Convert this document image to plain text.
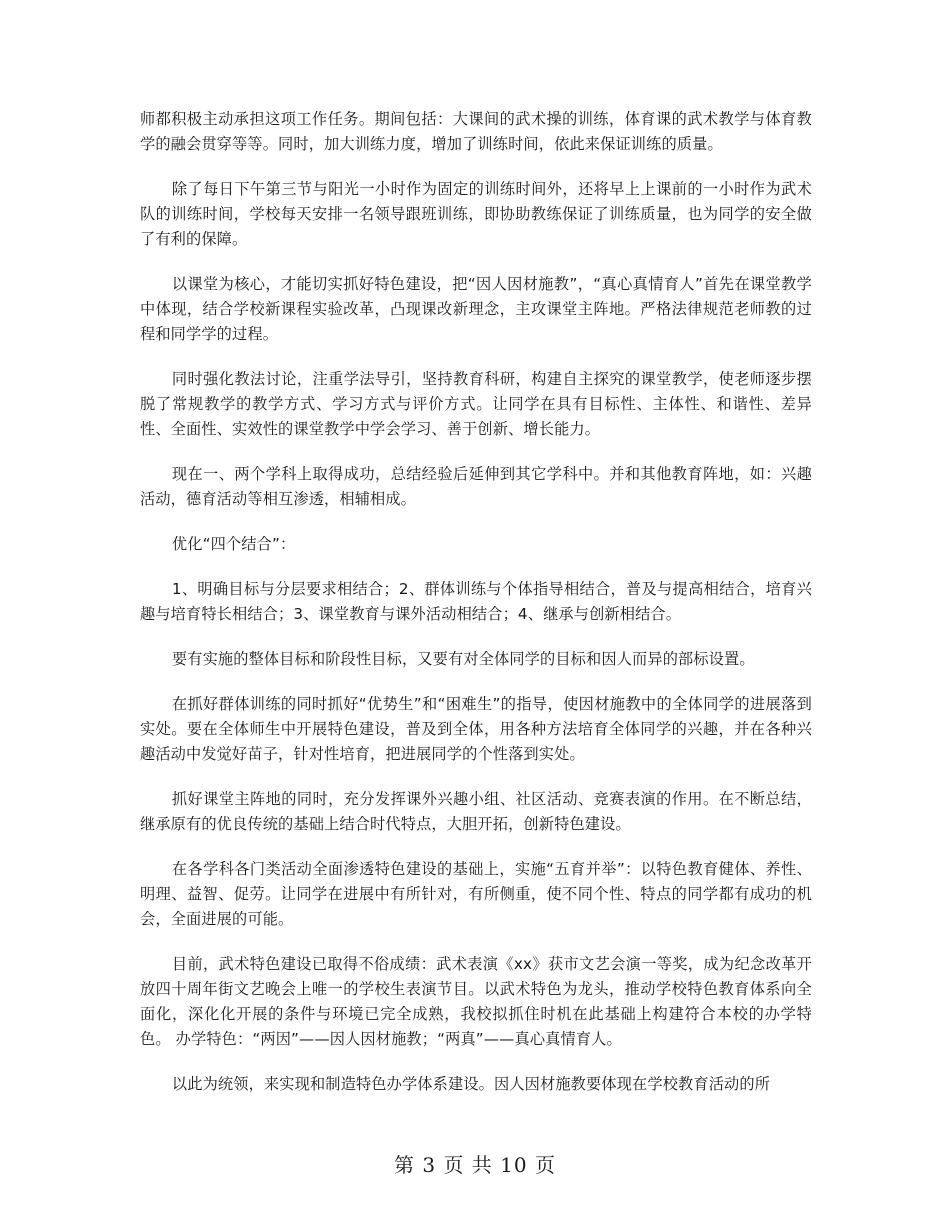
师都积极主动承担这项工作任务。期间包括：大课间的武术操的训练，体育课的武术教学与体育教学的融会贯穿等等。同时，加大训练力度，增加了训练时间，依此来保证训练的质量。

除了每日下午第三节与阳光一小时作为固定的训练时间外，还将早上上课前的一小时作为武术队的训练时间，学校每天安排一名领导跟班训练，即协助教练保证了训练质量，也为同学的安全做了有利的保障。

以课堂为核心，才能切实抓好特色建设，把“因人因材施教”，“真心真情育人”首先在课堂教学中体现，结合学校新课程实验改革，凸现课改新理念，主攻课堂主阵地。严格法律规范老师教的过程和同学学的过程。

同时强化教法讨论，注重学法导引，坚持教育科研，构建自主探究的课堂教学，使老师逐步摆脱了常规教学的教学方式、学习方式与评价方式。让同学在具有目标性、主体性、和谐性、差异性、全面性、实效性的课堂教学中学会学习、善于创新、增长能力。

现在一、两个学科上取得成功，总结经验后延伸到其它学科中。并和其他教育阵地，如：兴趣活动，德育活动等相互渗透，相辅相成。

优化“四个结合”：

1、明确目标与分层要求相结合；2、群体训练与个体指导相结合，普及与提高相结合，培育兴趣与培育特长相结合；3、课堂教育与课外活动相结合；4、继承与创新相结合。

要有实施的整体目标和阶段性目标，又要有对全体同学的目标和因人而异的部标设置。

在抓好群体训练的同时抓好“优势生”和“困难生”的指导，使因材施教中的全体同学的进展落到实处。要在全体师生中开展特色建设，普及到全体，用各种方法培育全体同学的兴趣，并在各种兴趣活动中发觉好苗子，针对性培育，把进展同学的个性落到实处。

抓好课堂主阵地的同时，充分发挥课外兴趣小组、社区活动、竞赛表演的作用。在不断总结，继承原有的优良传统的基础上结合时代特点，大胆开拓，创新特色建设。

在各学科各门类活动全面渗透特色建设的基础上，实施“五育并举”：以特色教育健体、养性、明理、益智、促劳。让同学在进展中有所针对，有所侧重，使不同个性、特点的同学都有成功的机会，全面进展的可能。

目前，武术特色建设已取得不俗成绩：武术表演《xx》获市文艺会演一等奖，成为纪念改革开放四十周年街文艺晚会上唯一的学校生表演节目。以武术特色为龙头，推动学校特色教育体系向全面化，深化化开展的条件与环境已完全成熟，我校拟抓住时机在此基础上构建符合本校的办学特色。 办学特色：“两因”——因人因材施教；“两真”——真心真情育人。

以此为统领，来实现和制造特色办学体系建设。因人因材施教要体现在学校教育活动的所

第 3 页 共 10 页
